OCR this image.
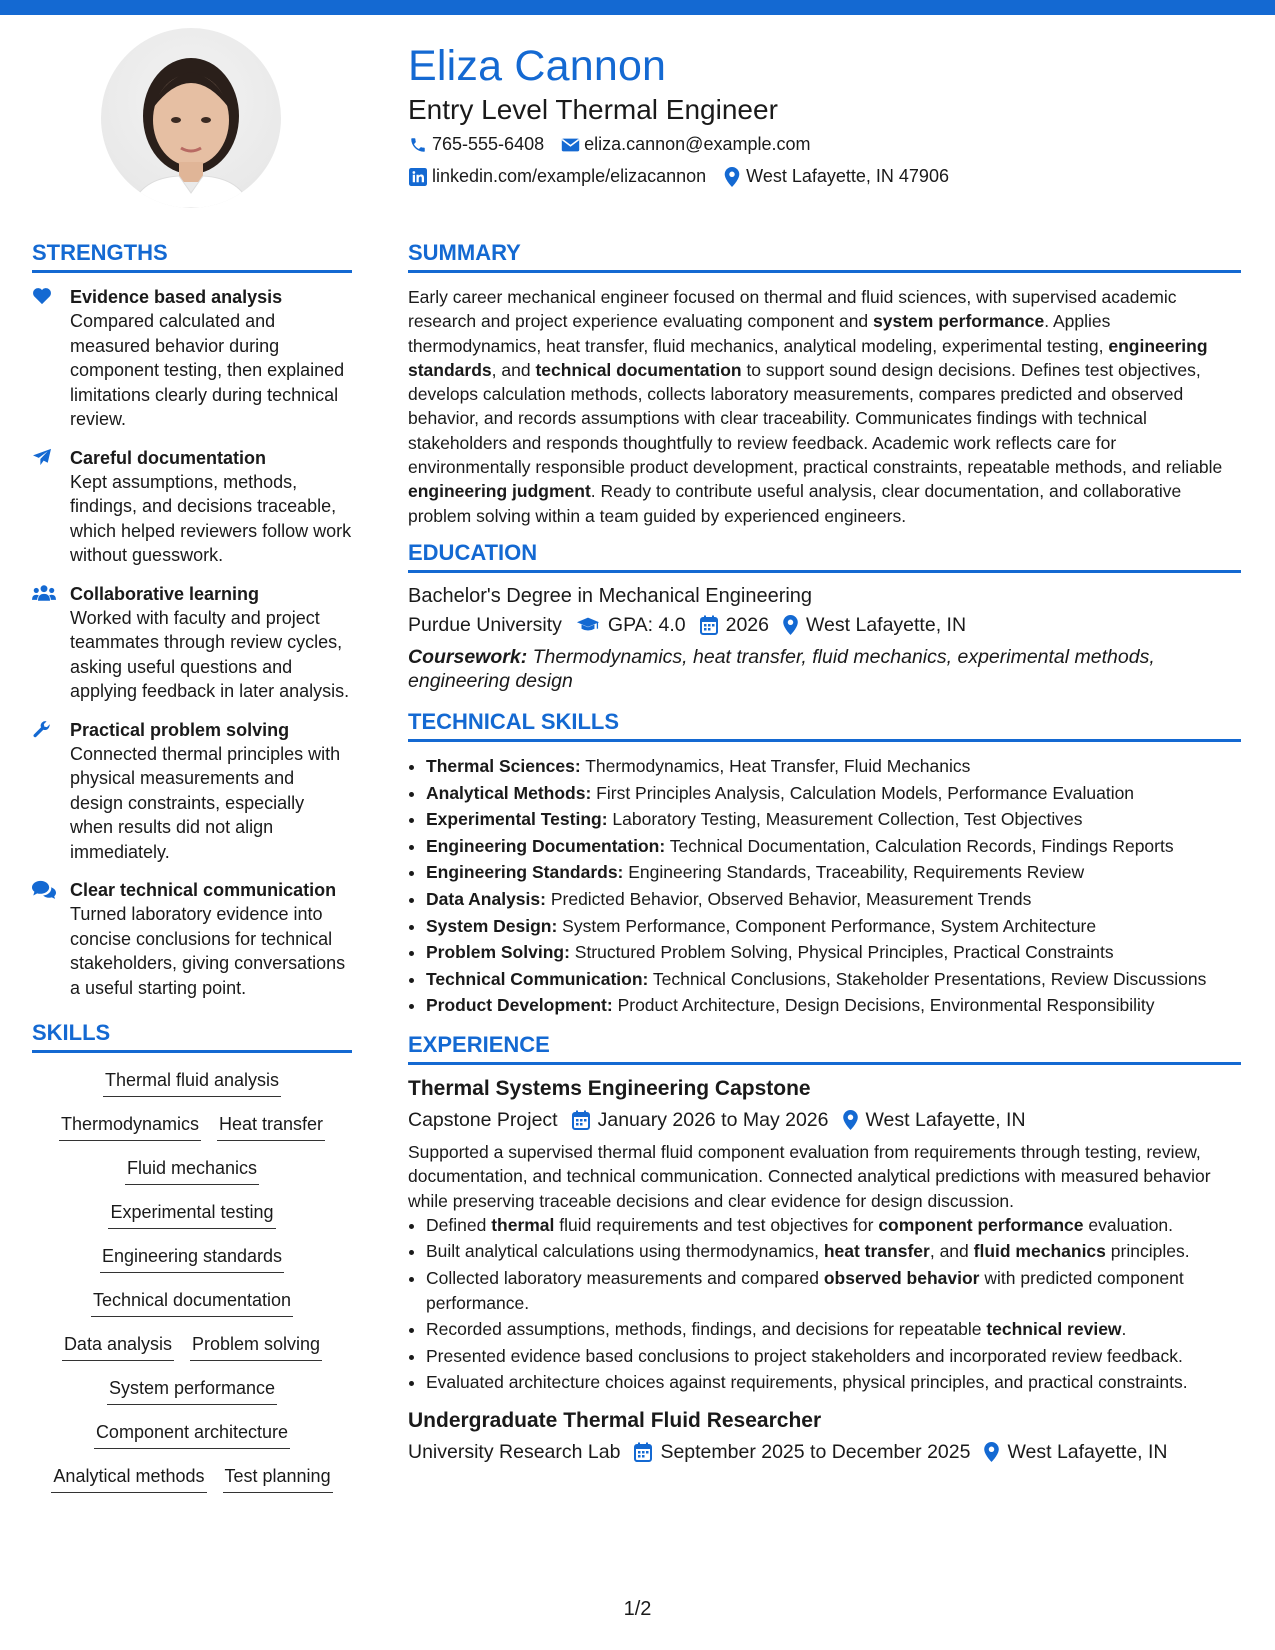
Eliza Cannon
Entry Level Thermal Engineer
765-555-6408 eliza.cannon@example.com
linkedin.com/example/elizacannon West Lafayette, IN 47906
STRENGTHS
Evidence based analysis
Compared calculated and measured behavior during component testing, then explained limitations clearly during technical review.
Careful documentation
Kept assumptions, methods, findings, and decisions traceable, which helped reviewers follow work without guesswork.
Collaborative learning
Worked with faculty and project teammates through review cycles, asking useful questions and applying feedback in later analysis.
Practical problem solving
Connected thermal principles with physical measurements and design constraints, especially when results did not align immediately.
Clear technical communication
Turned laboratory evidence into concise conclusions for technical stakeholders, giving conversations a useful starting point.
SKILLS
Thermal fluid analysis
Thermodynamics Heat transfer
Fluid mechanics
Experimental testing
Engineering standards
Technical documentation
Data analysis Problem solving
System performance
Component architecture
Analytical methods Test planning
SUMMARY

Early career mechanical engineer focused on thermal and fluid sciences, with supervised academic research and project experience evaluating component and system performance. Applies thermodynamics, heat transfer, fluid mechanics, analytical modeling, experimental testing, engineering standards, and technical documentation to support sound design decisions. Defines test objectives, develops calculation methods, collects laboratory measurements, compares predicted and observed behavior, and records assumptions with clear traceability. Communicates findings with technical stakeholders and responds thoughtfully to review feedback. Academic work reflects care for environmentally responsible product development, practical constraints, repeatable methods, and reliable engineering judgment. Ready to contribute useful analysis, clear documentation, and collaborative problem solving within a team guided by experienced engineers.

EDUCATION
Bachelor's Degree in Mechanical Engineering
Purdue University GPA: 4.0 2026 West Lafayette, IN
Coursework: Thermodynamics, heat transfer, fluid mechanics, experimental methods, engineering design
TECHNICAL SKILLS
• Thermal Sciences: Thermodynamics, Heat Transfer, Fluid Mechanics
• Analytical Methods: First Principles Analysis, Calculation Models, Performance Evaluation
• Experimental Testing: Laboratory Testing, Measurement Collection, Test Objectives
• Engineering Documentation: Technical Documentation, Calculation Records, Findings Reports
• Engineering Standards: Engineering Standards, Traceability, Requirements Review
• Data Analysis: Predicted Behavior, Observed Behavior, Measurement Trends
• System Design: System Performance, Component Performance, System Architecture
• Problem Solving: Structured Problem Solving, Physical Principles, Practical Constraints
• Technical Communication: Technical Conclusions, Stakeholder Presentations, Review Discussions
• Product Development: Product Architecture, Design Decisions, Environmental Responsibility
EXPERIENCE
Thermal Systems Engineering Capstone
Capstone Project January 2026 to May 2026 West Lafayette, IN

Supported a supervised thermal fluid component evaluation from requirements through testing, review, documentation, and technical communication. Connected analytical predictions with measured behavior while preserving traceable decisions and clear evidence for design discussion.

• Defined thermal fluid requirements and test objectives for component performance evaluation.
• Built analytical calculations using thermodynamics, heat transfer, and fluid mechanics principles.
• Collected laboratory measurements and compared observed behavior with predicted component performance.
• Recorded assumptions, methods, findings, and decisions for repeatable technical review.
• Presented evidence based conclusions to project stakeholders and incorporated review feedback.
• Evaluated architecture choices against requirements, physical principles, and practical constraints.
Undergraduate Thermal Fluid Researcher
University Research Lab September 2025 to December 2025 West Lafayette, IN
1/2
